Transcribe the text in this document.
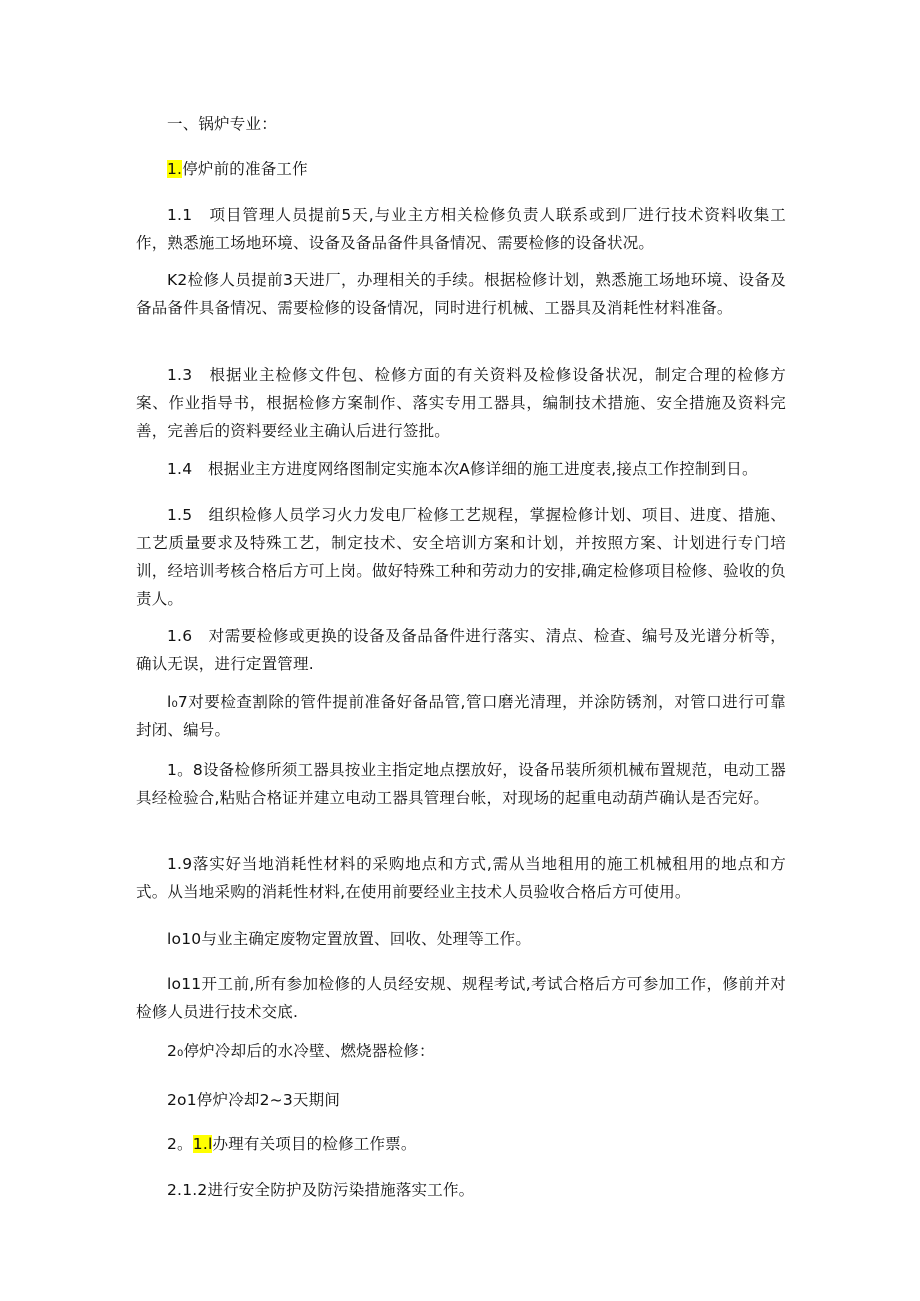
一、锅炉专业：

1.停炉前的准备工作

1.1　项目管理人员提前5天,与业主方相关检修负责人联系或到厂进行技术资料收集工作，熟悉施工场地环境、设备及备品备件具备情况、需要检修的设备状况。

K2检修人员提前3天进厂，办理相关的手续。根据检修计划，熟悉施工场地环境、设备及备品备件具备情况、需要检修的设备情况，同时进行机械、工器具及消耗性材料准备。

1.3　根据业主检修文件包、检修方面的有关资料及检修设备状况，制定合理的检修方案、作业指导书，根据检修方案制作、落实专用工器具，编制技术措施、安全措施及资料完善，完善后的资料要经业主确认后进行签批。

1.4　根据业主方进度网络图制定实施本次A修详细的施工进度表,接点工作控制到日。

1.5　组织检修人员学习火力发电厂检修工艺规程，掌握检修计划、项目、进度、措施、工艺质量要求及特殊工艺，制定技术、安全培训方案和计划，并按照方案、计划进行专门培训，经培训考核合格后方可上岗。做好特殊工种和劳动力的安排,确定检修项目检修、验收的负责人。

1.6　对需要检修或更换的设备及备品备件进行落实、清点、检查、编号及光谱分析等，确认无误，进行定置管理.

l₀7对要检查割除的管件提前准备好备品管,管口磨光清理，并涂防锈剂，对管口进行可靠封闭、编号。

1。8设备检修所须工器具按业主指定地点摆放好，设备吊装所须机械布置规范，电动工器具经检验合,粘贴合格证并建立电动工器具管理台帐，对现场的起重电动葫芦确认是否完好。

1.9落实好当地消耗性材料的采购地点和方式,需从当地租用的施工机械租用的地点和方式。从当地采购的消耗性材料,在使用前要经业主技术人员验收合格后方可使用。

lo10与业主确定废物定置放置、回收、处理等工作。

lo11开工前,所有参加检修的人员经安规、规程考试,考试合格后方可参加工作，修前并对检修人员进行技术交底.

2₀停炉冷却后的水冷壁、燃烧器检修：

2o1停炉冷却2~3天期间

2。1.l办理有关项目的检修工作票。

2.1.2进行安全防护及防污染措施落实工作。
